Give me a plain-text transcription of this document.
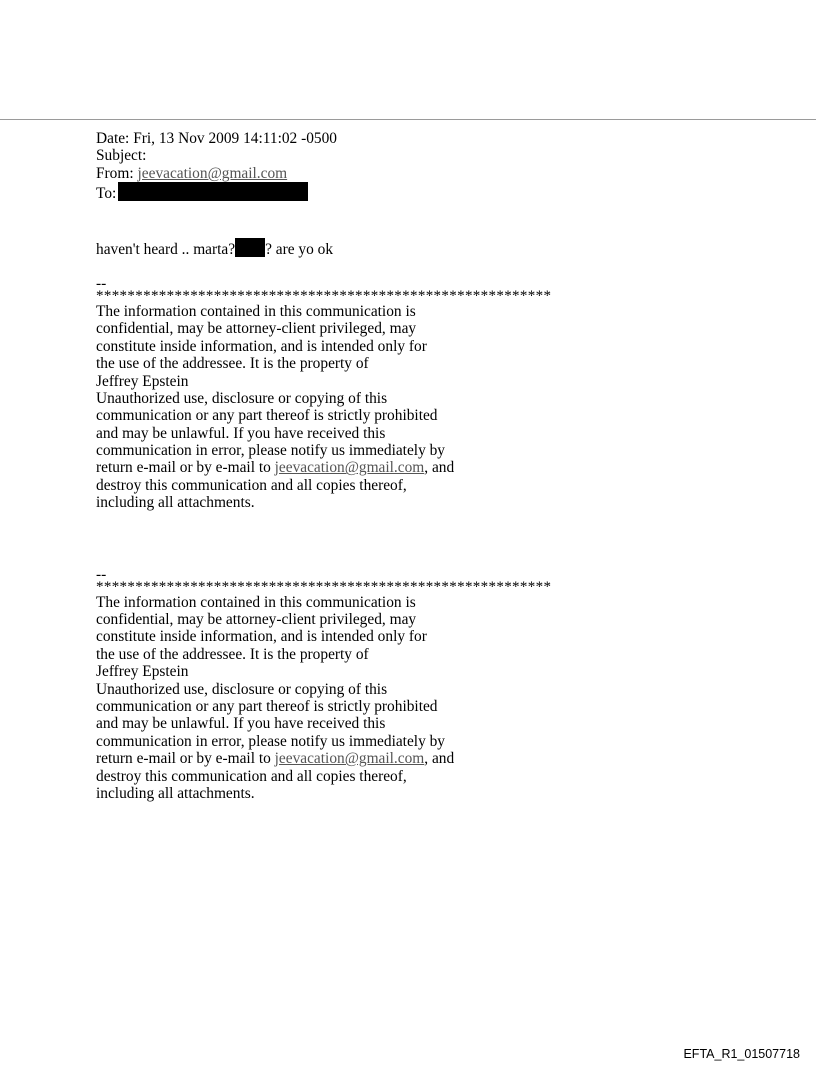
Date: Fri, 13 Nov 2009 14:11:02 -0500
Subject:
From: jeevacation@gmail.com
To:
haven't heard .. marta? ? are yo ok
--
**********************************************************
The information contained in this communication is
confidential, may be attorney-client privileged, may
constitute inside information, and is intended only for
the use of the addressee. It is the property of
Jeffrey Epstein
Unauthorized use, disclosure or copying of this
communication or any part thereof is strictly prohibited
and may be unlawful. If you have received this
communication in error, please notify us immediately by
return e-mail or by e-mail to jeevacation@gmail.com, and
destroy this communication and all copies thereof,
including all attachments.
--
**********************************************************
The information contained in this communication is
confidential, may be attorney-client privileged, may
constitute inside information, and is intended only for
the use of the addressee. It is the property of
Jeffrey Epstein
Unauthorized use, disclosure or copying of this
communication or any part thereof is strictly prohibited
and may be unlawful. If you have received this
communication in error, please notify us immediately by
return e-mail or by e-mail to jeevacation@gmail.com, and
destroy this communication and all copies thereof,
including all attachments.
EFTA_R1_01507718
